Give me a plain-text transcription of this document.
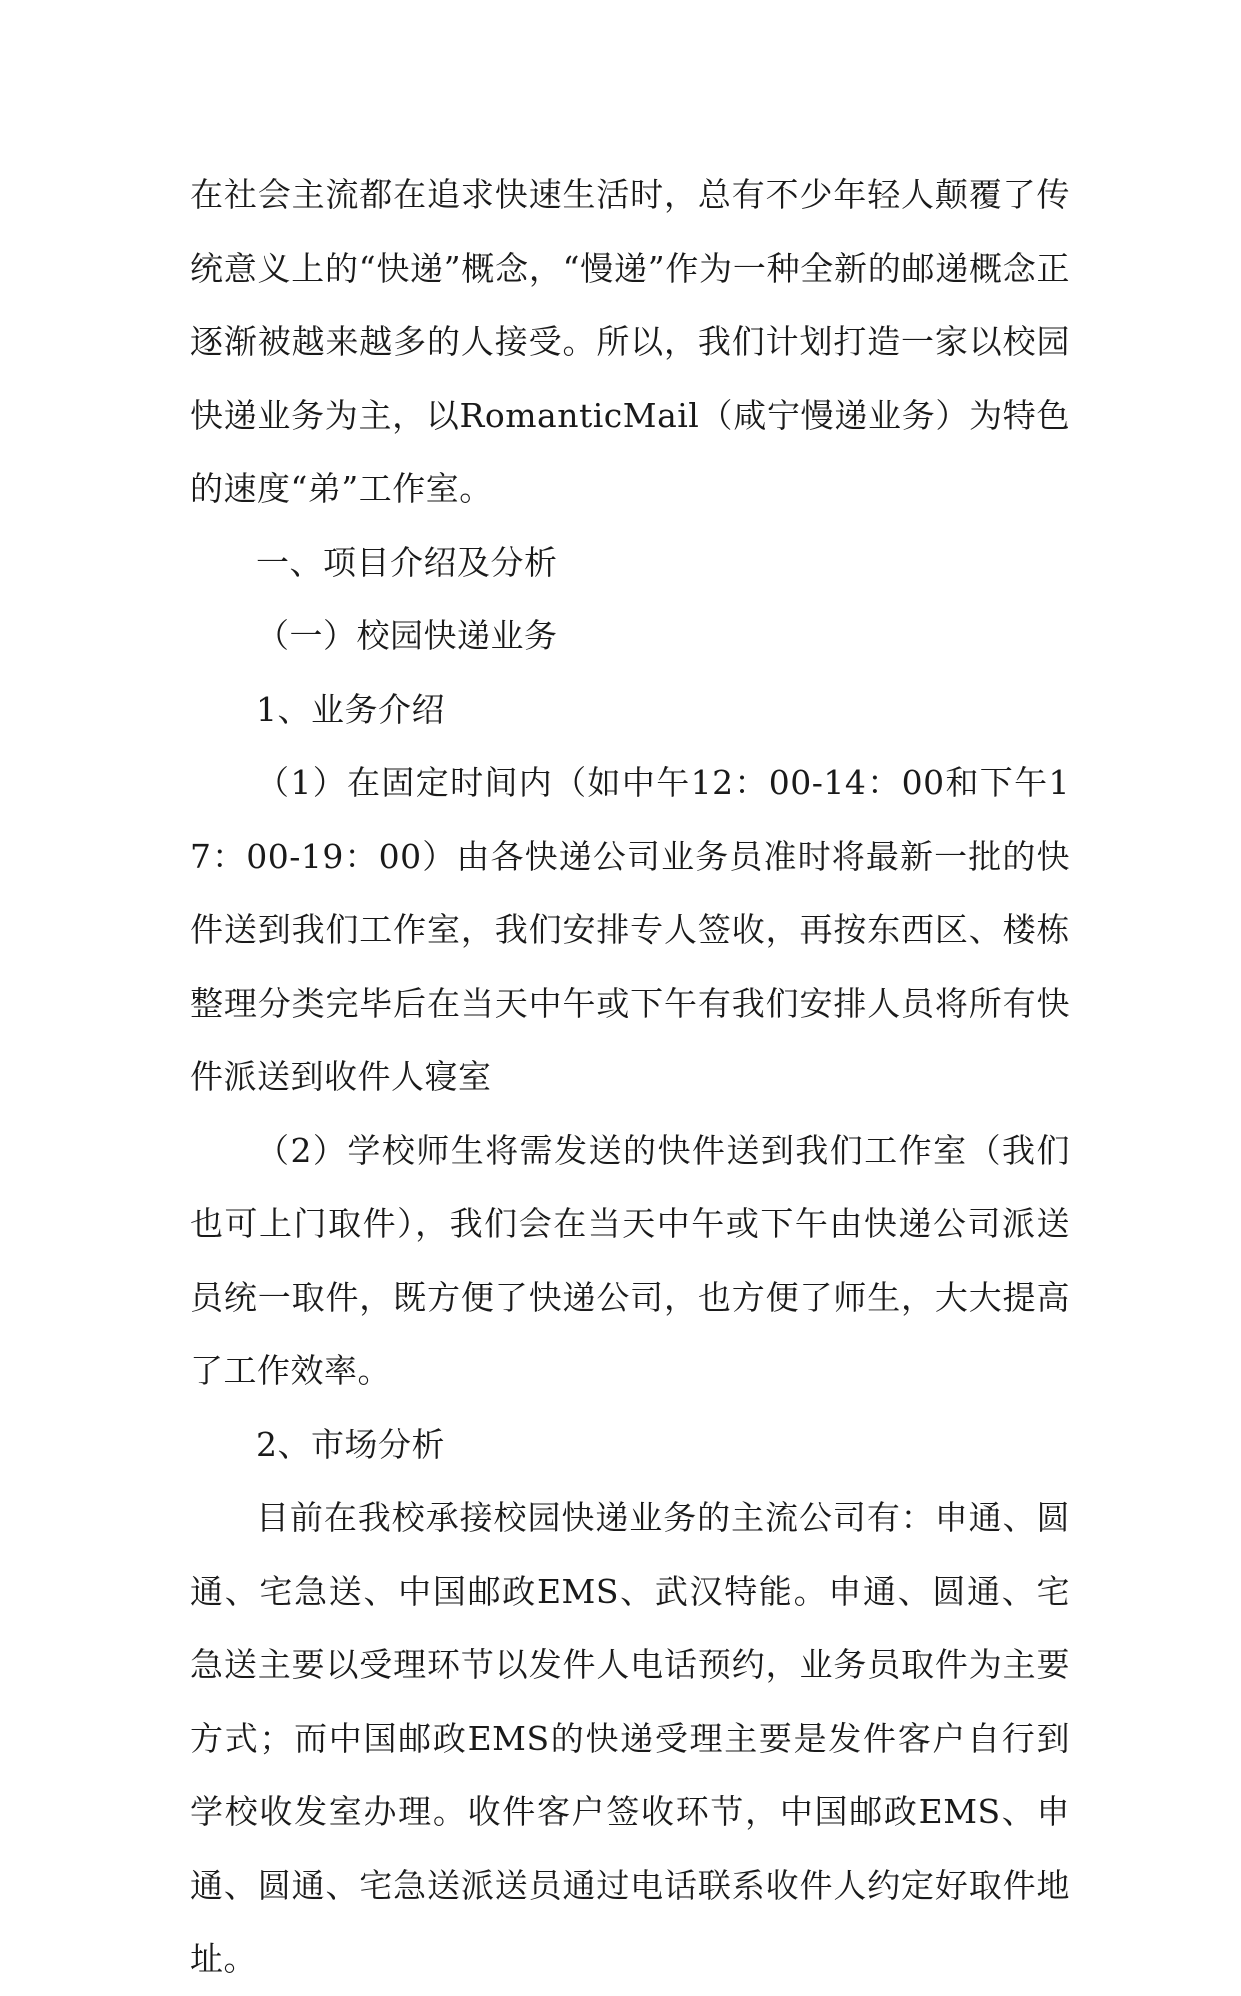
在社会主流都在追求快速生活时，总有不少年轻人颠覆了传统意义上的“快递”概念，“慢递”作为一种全新的邮递概念正逐渐被越来越多的人接受。所以，我们计划打造一家以校园快递业务为主，以RomanticMail（咸宁慢递业务）为特色的速度“弟”工作室。

一、项目介绍及分析

（一）校园快递业务

1、业务介绍

（1）在固定时间内（如中午12：00-14：00和下午17：00-19：00）由各快递公司业务员准时将最新一批的快件送到我们工作室，我们安排专人签收，再按东西区、楼栋整理分类完毕后在当天中午或下午有我们安排人员将所有快件派送到收件人寝室

（2）学校师生将需发送的快件送到我们工作室（我们也可上门取件），我们会在当天中午或下午由快递公司派送员统一取件，既方便了快递公司，也方便了师生，大大提高了工作效率。

2、市场分析

目前在我校承接校园快递业务的主流公司有：申通、圆通、宅急送、中国邮政EMS、武汉特能。申通、圆通、宅急送主要以受理环节以发件人电话预约，业务员取件为主要方式；而中国邮政EMS的快递受理主要是发件客户自行到学校收发室办理。收件客户签收环节，中国邮政EMS、申通、圆通、宅急送派送员通过电话联系收件人约定好取件地址。
